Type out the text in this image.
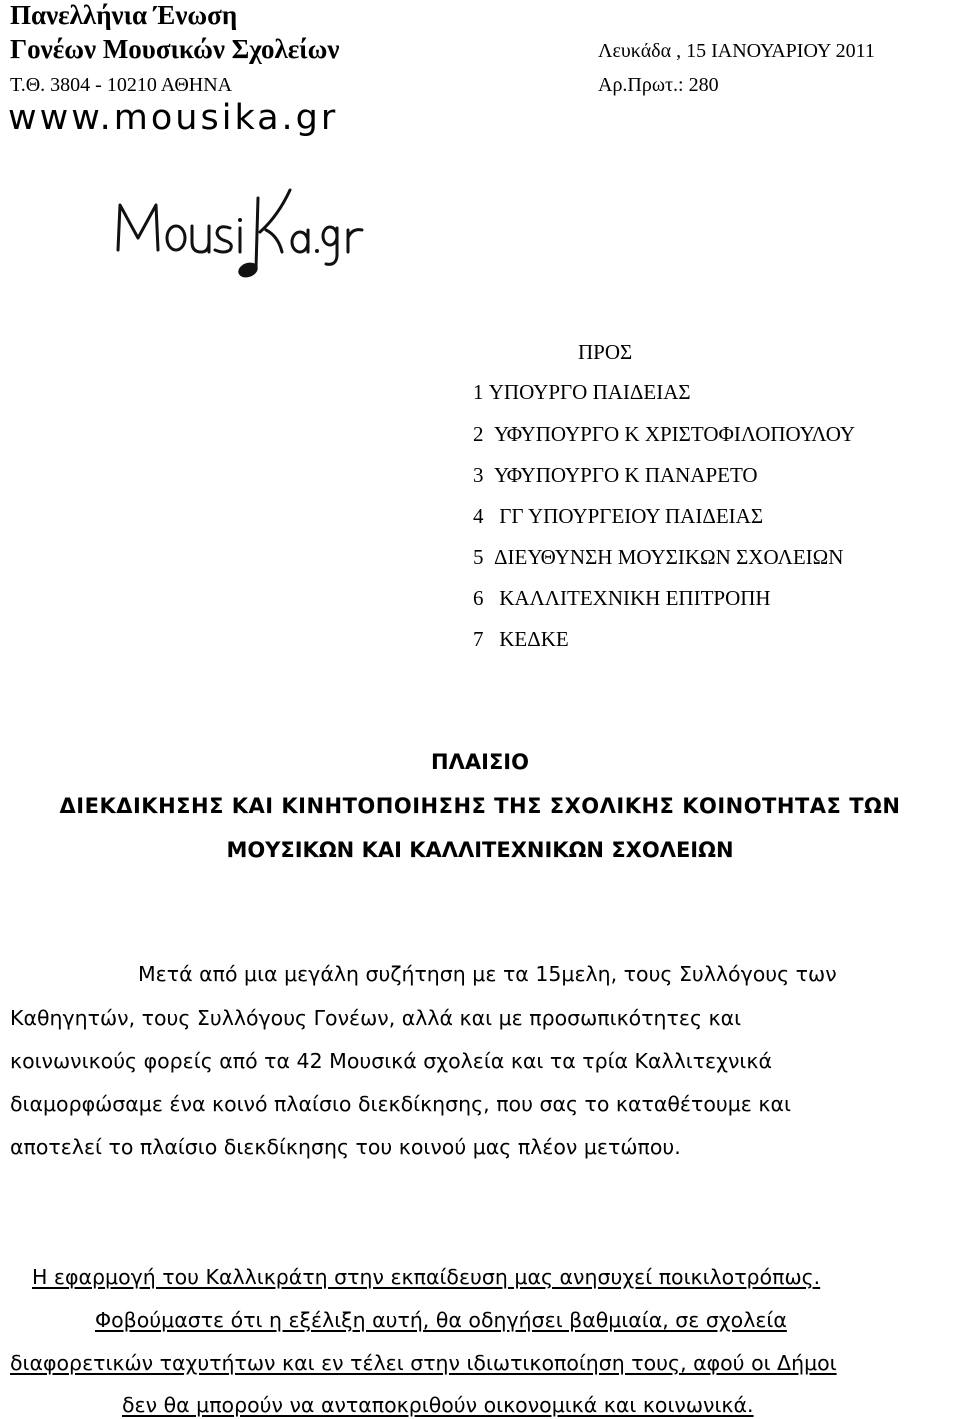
Πανελλήνια Ένωση
Γονέων Μουσικών Σχολείων
Τ.Θ. 3804 - 10210 ΑΘΗΝΑ
www.mousika.gr
Λευκάδα , 15 ΙΑΝΟΥΑΡΙΟΥ 2011
Αρ.Πρωτ.: 280
ΠΡΟΣ
1 ΥΠΟΥΡΓΟ ΠΑΙΔΕΙΑΣ
2 ΥΦΥΠΟΥΡΓΟ Κ ΧΡΙΣΤΟΦΙΛΟΠΟΥΛΟΥ
3 ΥΦΥΠΟΥΡΓΟ Κ ΠΑΝΑΡΕΤΟ
4 ΓΓ ΥΠΟΥΡΓΕΙΟΥ ΠΑΙΔΕΙΑΣ
5 ΔΙΕΥΘΥΝΣΗ ΜΟΥΣΙΚΩΝ ΣΧΟΛΕΙΩΝ
6 ΚΑΛΛΙΤΕΧΝΙΚΗ ΕΠΙΤΡΟΠΗ
7 ΚΕΔΚΕ
ΠΛΑΙΣΙΟ
ΔΙΕΚΔΙΚΗΣΗΣ ΚΑΙ ΚΙΝΗΤΟΠΟΙΗΣΗΣ ΤΗΣ ΣΧΟΛΙΚΗΣ ΚΟΙΝΟΤΗΤΑΣ ΤΩΝ
ΜΟΥΣΙΚΩΝ ΚΑΙ ΚΑΛΛΙΤΕΧΝΙΚΩΝ ΣΧΟΛΕΙΩΝ
Μετά από μια μεγάλη συζήτηση με τα 15μελη, τους Συλλόγους των
Καθηγητών, τους Συλλόγους Γονέων, αλλά και με προσωπικότητες και
κοινωνικούς φορείς από τα 42 Μουσικά σχολεία και τα τρία Καλλιτεχνικά
διαμορφώσαμε ένα κοινό πλαίσιο διεκδίκησης, που σας το καταθέτουμε και
αποτελεί το πλαίσιο διεκδίκησης του κοινού μας πλέον μετώπου.
Η εφαρμογή του Καλλικράτη στην εκπαίδευση μας ανησυχεί ποικιλοτρόπως.
Φοβούμαστε ότι η εξέλιξη αυτή, θα οδηγήσει βαθμιαία, σε σχολεία
διαφορετικών ταχυτήτων και εν τέλει στην ιδιωτικοποίηση τους, αφού οι Δήμοι
δεν θα μπορούν να ανταποκριθούν οικονομικά και κοινωνικά.
